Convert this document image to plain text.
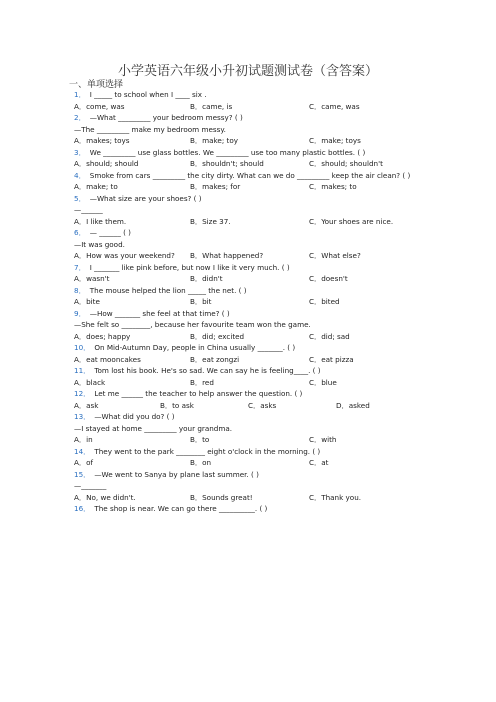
小学英语六年级小升初试题测试卷（含答案）
一、单项选择
1． I _____ to school when I ____ six .
A．come, was	B．came, is	C．came, was
2． —What _________ your bedroom messy? ( )
—The _________ make my bedroom messy.
A．makes; toys	B．make; toy	C．make; toys
3． We _________ use glass bottles. We _________ use too many plastic bottles. ( )
A．should; should	B．shouldn't; should	C．should; shouldn't
4． Smoke from cars _________ the city dirty. What can we do _________ keep the air clean? ( )
A．make; to	B．makes; for	C．makes; to
5． —What size are your shoes? ( )
—______
A．I like them.	B．Size 37.	C．Your shoes are nice.
6． — ______ ( )
—It was good.
A．How was your weekend? B．What happened?	C．What else?
7． I _______ like pink before, but now I like it very much. ( )
A．wasn't	B．didn't	C．doesn't
8． The mouse helped the lion _____ the net. ( )
A．bite	B．bit	C．bited
9． —How _______ she feel at that time? ( )
—She felt so ________, because her favourite team won the game.
A．does; happy	B．did; excited	C．did; sad
10． On Mid-Autumn Day, people in China usually _______. ( )
A．eat mooncakes	B．eat zongzi	C．eat pizza
11． Tom lost his book. He's so sad. We can say he is feeling____. ( )
A．black	B．red	C．blue
12． Let me ______ the teacher to help answer the question. ( )
A．ask	B．to ask	C．asks	D．asked
13． —What did you do? ( )
—I stayed at home _________ your grandma.
A．in	B．to	C．with
14． They went to the park ________ eight o'clock in the morning. ( )
A．of	B．on	C．at
15． —We went to Sanya by plane last summer. ( )
—_______
A．No, we didn't.	B．Sounds great!	C．Thank you.
16． The shop is near. We can go there __________. ( )
